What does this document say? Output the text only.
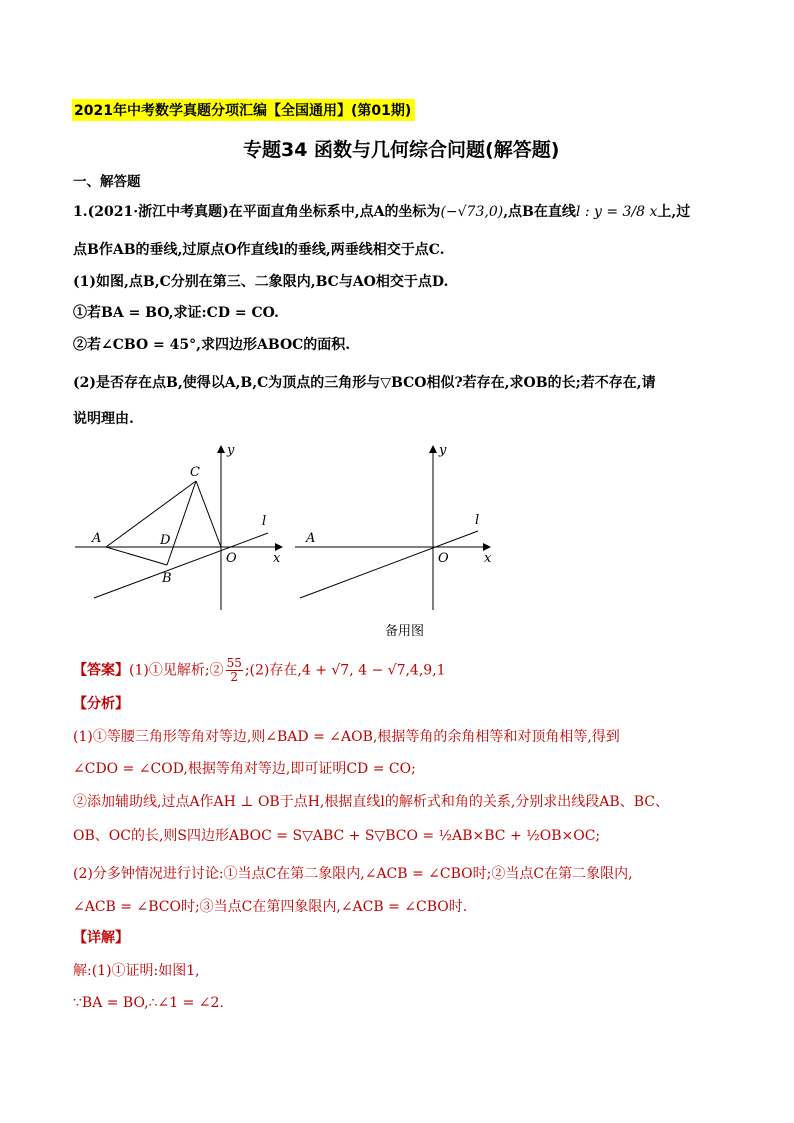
2021年中考数学真题分项汇编【全国通用】(第01期)
专题34 函数与几何综合问题(解答题)
一、解答题
1.(2021·浙江中考真题)在平面直角坐标系中,点A的坐标为(−√73,0),点B在直线l : y = 3/8 x上,过
点B作AB的垂线,过原点O作直线l的垂线,两垂线相交于点C.
(1)如图,点B,C分别在第三、二象限内,BC与AO相交于点D.
①若BA = BO,求证:CD = CO.
②若∠CBO = 45°,求四边形ABOC的面积.
(2)是否存在点B,使得以A,B,C为顶点的三角形与▽BCO相似?若存在,求OB的长;若不存在,请
说明理由.
A
B
C
D
O
l
x
y
A
O
l
x
y
备用图
【答案】(1)①见解析;② $\frac{55}{2}$ ;(2)存在,4 + √7, 4 − √7,4,9,1
【分析】
(1)①等腰三角形等角对等边,则∠BAD = ∠AOB,根据等角的余角相等和对顶角相等,得到
∠CDO = ∠COD,根据等角对等边,即可证明CD = CO;
②添加辅助线,过点A作AH ⊥ OB于点H,根据直线l的解析式和角的关系,分别求出线段AB、BC、
OB、OC的长,则S四边形ABOC = S▽ABC + S▽BCO = ½AB×BC + ½OB×OC;
(2)分多钟情况进行讨论:①当点C在第二象限内,∠ACB = ∠CBO时;②当点C在第二象限内,
∠ACB = ∠BCO时;③当点C在第四象限内,∠ACB = ∠CBO时.
【详解】
解:(1)①证明:如图1,
∵BA = BO,∴∠1 = ∠2.
